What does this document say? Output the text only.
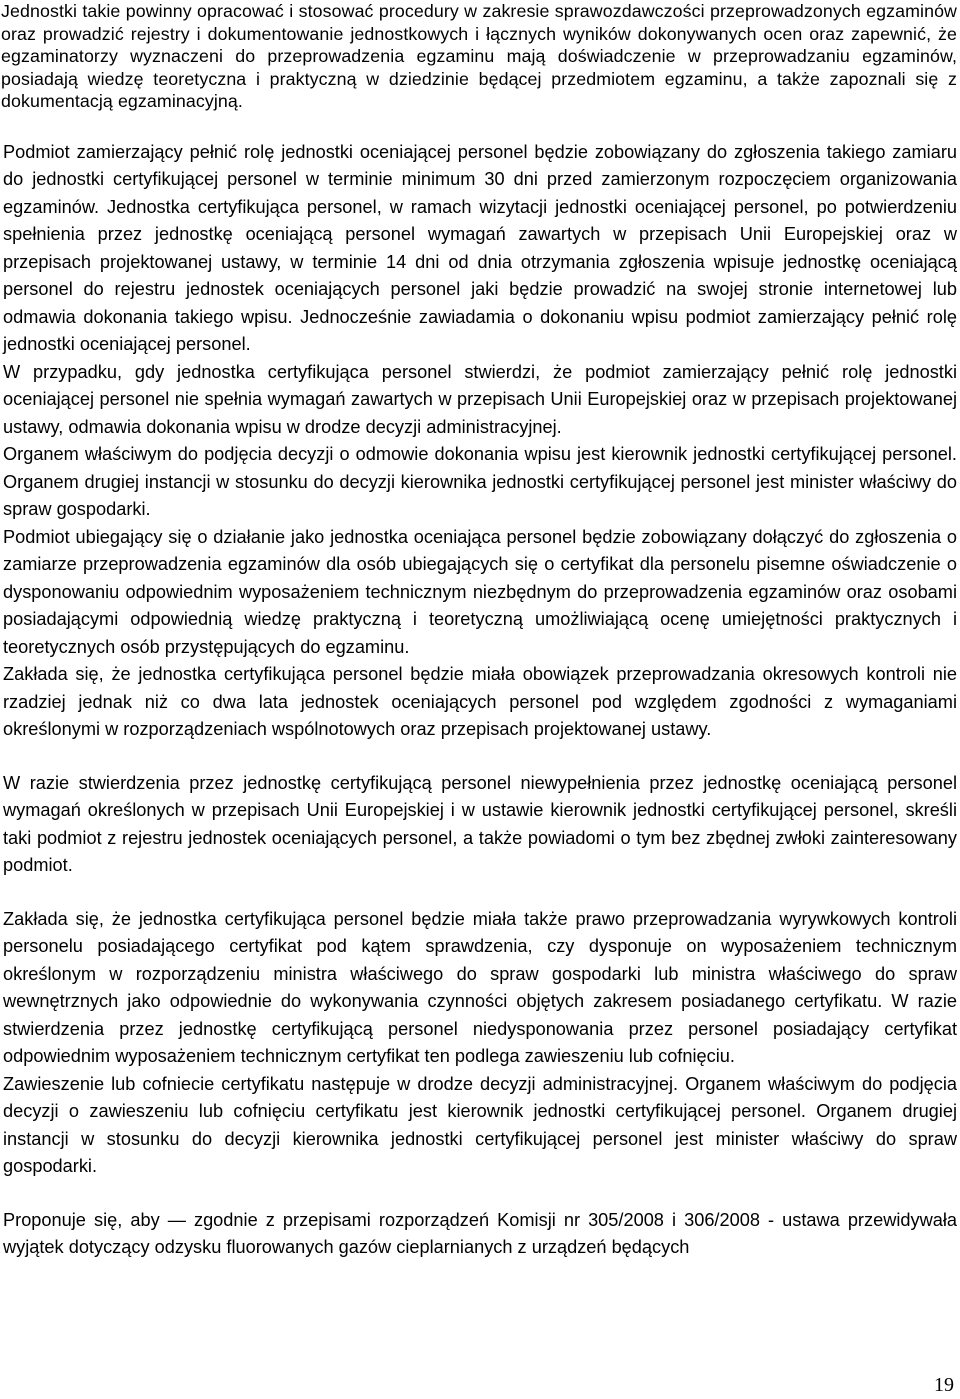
Jednostki takie powinny opracować i stosować procedury w zakresie sprawozdawczości przeprowadzonych egzaminów oraz prowadzić rejestry i dokumentowanie jednostkowych i łącznych wyników dokonywanych ocen oraz zapewnić, że egzaminatorzy wyznaczeni do przeprowadzenia egzaminu mają doświadczenie w przeprowadzaniu egzaminów, posiadają wiedzę teoretyczna i praktyczną w dziedzinie będącej przedmiotem egzaminu, a także zapoznali się z dokumentacją egzaminacyjną.

Podmiot zamierzający pełnić rolę jednostki oceniającej personel będzie zobowiązany do zgłoszenia takiego zamiaru do jednostki certyfikującej personel w terminie minimum 30 dni przed zamierzonym rozpoczęciem organizowania egzaminów. Jednostka certyfikująca personel, w ramach wizytacji jednostki oceniającej personel, po potwierdzeniu spełnienia przez jednostkę oceniającą personel wymagań zawartych w przepisach Unii Europejskiej oraz w przepisach projektowanej ustawy, w terminie 14 dni od dnia otrzymania zgłoszenia wpisuje jednostkę oceniającą personel do rejestru jednostek oceniających personel jaki będzie prowadzić na swojej stronie internetowej lub odmawia dokonania takiego wpisu. Jednocześnie zawiadamia o dokonaniu wpisu podmiot zamierzający pełnić rolę jednostki oceniającej personel.

W przypadku, gdy jednostka certyfikująca personel stwierdzi, że podmiot zamierzający pełnić rolę jednostki oceniającej personel nie spełnia wymagań zawartych w przepisach Unii Europejskiej oraz w przepisach projektowanej ustawy, odmawia dokonania wpisu w drodze decyzji administracyjnej.

Organem właściwym do podjęcia decyzji o odmowie dokonania wpisu jest kierownik jednostki certyfikującej personel. Organem drugiej instancji w stosunku do decyzji kierownika jednostki certyfikującej personel jest minister właściwy do spraw gospodarki.

Podmiot ubiegający się o działanie jako jednostka oceniająca personel będzie zobowiązany dołączyć do zgłoszenia o zamiarze przeprowadzenia egzaminów dla osób ubiegających się o certyfikat dla personelu pisemne oświadczenie o dysponowaniu odpowiednim wyposażeniem technicznym niezbędnym do przeprowadzenia egzaminów oraz osobami posiadającymi odpowiednią wiedzę praktyczną i teoretyczną umożliwiającą ocenę umiejętności praktycznych i teoretycznych osób przystępujących do egzaminu.

Zakłada się, że jednostka certyfikująca personel będzie miała obowiązek przeprowadzania okresowych kontroli nie rzadziej jednak niż co dwa lata jednostek oceniających personel pod względem zgodności z wymaganiami określonymi w rozporządzeniach wspólnotowych oraz przepisach projektowanej ustawy.

W razie stwierdzenia przez jednostkę certyfikującą personel niewypełnienia przez jednostkę oceniającą personel wymagań określonych w przepisach Unii Europejskiej i w ustawie kierownik jednostki certyfikującej personel, skreśli taki podmiot z rejestru jednostek oceniających personel, a także powiadomi o tym bez zbędnej zwłoki zainteresowany podmiot.

Zakłada się, że jednostka certyfikująca personel będzie miała także prawo przeprowadzania wyrywkowych kontroli personelu posiadającego certyfikat pod kątem sprawdzenia, czy dysponuje on wyposażeniem technicznym określonym w rozporządzeniu ministra właściwego do spraw gospodarki lub ministra właściwego do spraw wewnętrznych jako odpowiednie do wykonywania czynności objętych zakresem posiadanego certyfikatu. W razie stwierdzenia przez jednostkę certyfikującą personel niedysponowania przez personel posiadający certyfikat odpowiednim wyposażeniem technicznym certyfikat ten podlega zawieszeniu lub cofnięciu.

Zawieszenie lub cofniecie certyfikatu następuje w drodze decyzji administracyjnej. Organem właściwym do podjęcia decyzji o zawieszeniu lub cofnięciu certyfikatu jest kierownik jednostki certyfikującej personel. Organem drugiej instancji w stosunku do decyzji kierownika jednostki certyfikującej personel jest minister właściwy do spraw gospodarki.

Proponuje się, aby — zgodnie z przepisami rozporządzeń Komisji nr 305/2008 i 306/2008 - ustawa przewidywała wyjątek dotyczący odzysku fluorowanych gazów cieplarnianych z urządzeń będących

19
